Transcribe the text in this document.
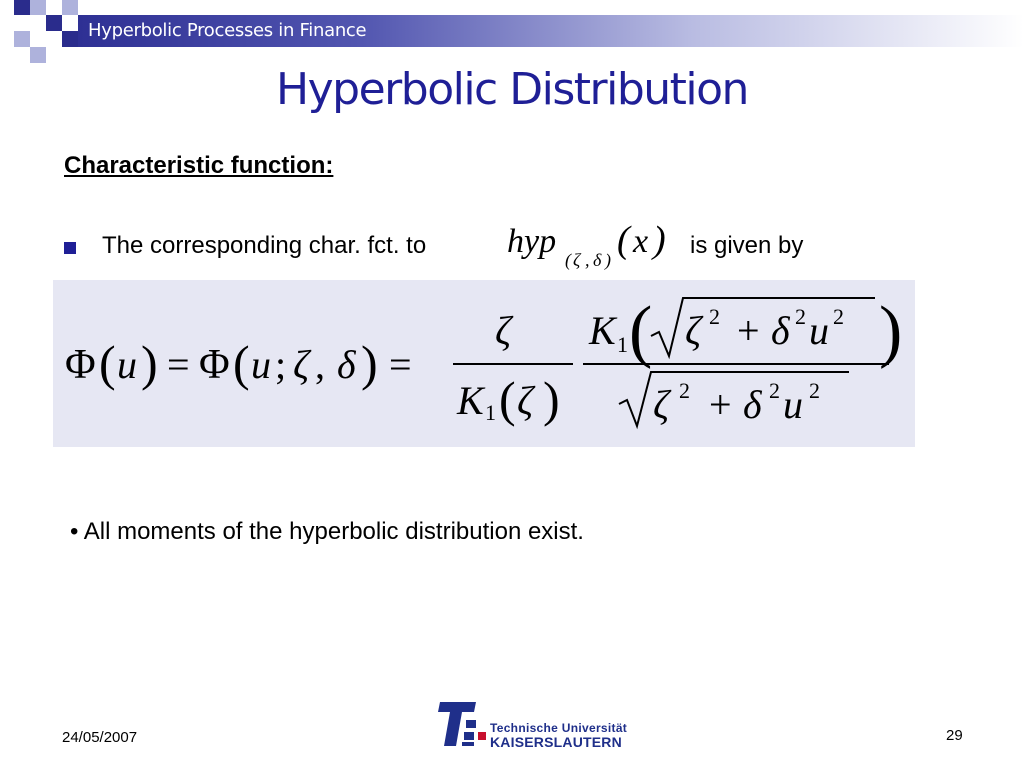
Hyperbolic Processes in Finance
Hyperbolic Distribution
Characteristic function:
The corresponding char. fct. to hyp ( ζ , δ ) ( x ) is given by
Φ ( u ) = Φ ( u ; ζ , δ ) =
ζ
K 1 ( ζ )
K 1 ( ζ 2 + δ 2 u 2 )
ζ 2 + δ 2 u 2
• All moments of the hyperbolic distribution exist.
24/05/2007
Technische Universität
KAISERSLAUTERN	29
